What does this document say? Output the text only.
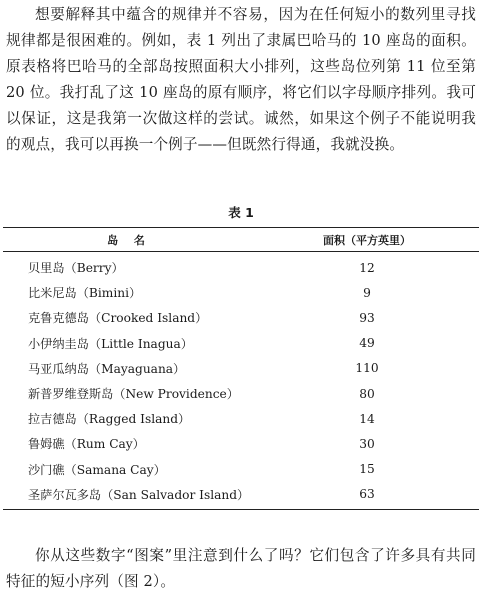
想要解释其中蕴含的规律并不容易，因为在任何短小的数列里寻找规律都是很困难的。例如，表 1 列出了隶属巴哈马的 10 座岛的面积。原表格将巴哈马的全部岛按照面积大小排列，这些岛位列第 11 位至第 20 位。我打乱了这 10 座岛的原有顺序，将它们以字母顺序排列。我可以保证，这是我第一次做这样的尝试。诚然，如果这个例子不能说明我的观点，我可以再换一个例子——但既然行得通，我就没换。

表 1

岛 名	面积（平方英里）
贝里岛（Berry）	12
比米尼岛（Bimini）	9
克鲁克德岛（Crooked Island）	93
小伊纳圭岛（Little Inagua）	49
马亚瓜纳岛（Mayaguana）	110
新普罗维登斯岛（New Providence）	80
拉吉德岛（Ragged Island）	14
鲁姆礁（Rum Cay）	30
沙门礁（Samana Cay）	15
圣萨尔瓦多岛（San Salvador Island）	63

你从这些数字“图案”里注意到什么了吗？它们包含了许多具有共同特征的短小序列（图 2）。
